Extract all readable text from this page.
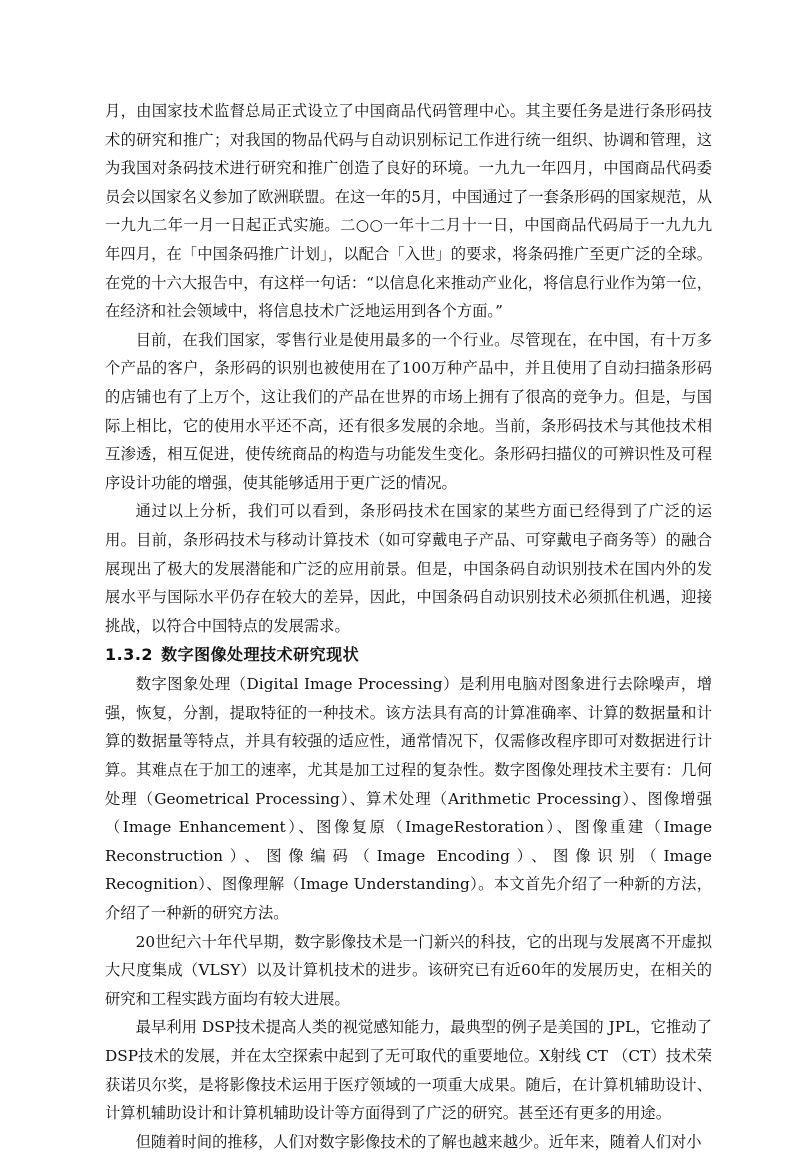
月，由国家技术监督总局正式设立了中国商品代码管理中心。其主要任务是进行条形码技术的研究和推广；对我国的物品代码与自动识别标记工作进行统一组织、协调和管理，这为我国对条码技术进行研究和推广创造了良好的环境。一九九一年四月，中国商品代码委员会以国家名义参加了欧洲联盟。在这一年的5月，中国通过了一套条形码的国家规范，从一九九二年一月一日起正式实施。二○○一年十二月十一日，中国商品代码局于一九九九年四月，在「中国条码推广计划」，以配合「入世」的要求，将条码推广至更广泛的全球。在党的十六大报告中，有这样一句话：“以信息化来推动产业化，将信息行业作为第一位，在经济和社会领域中，将信息技术广泛地运用到各个方面。”

目前，在我们国家，零售行业是使用最多的一个行业。尽管现在，在中国，有十万多个产品的客户，条形码的识别也被使用在了100万种产品中，并且使用了自动扫描条形码的店铺也有了上万个，这让我们的产品在世界的市场上拥有了很高的竞争力。但是，与国际上相比，它的使用水平还不高，还有很多发展的余地。当前，条形码技术与其他技术相互渗透，相互促进，使传统商品的构造与功能发生变化。条形码扫描仪的可辨识性及可程序设计功能的增强，使其能够适用于更广泛的情况。

通过以上分析，我们可以看到，条形码技术在国家的某些方面已经得到了广泛的运用。目前，条形码技术与移动计算技术（如可穿戴电子产品、可穿戴电子商务等）的融合展现出了极大的发展潜能和广泛的应用前景。但是，中国条码自动识别技术在国内外的发展水平与国际水平仍存在较大的差异，因此，中国条码自动识别技术必须抓住机遇，迎接挑战，以符合中国特点的发展需求。

1.3.2 数字图像处理技术研究现状

数字图象处理（Digital Image Processing）是利用电脑对图象进行去除噪声，增强，恢复，分割，提取特征的一种技术。该方法具有高的计算准确率、计算的数据量和计算的数据量等特点，并具有较强的适应性，通常情况下，仅需修改程序即可对数据进行计算。其难点在于加工的速率，尤其是加工过程的复杂性。数字图像处理技术主要有：几何处理（Geometrical Processing）、算术处理（Arithmetic Processing）、图像增强（Image Enhancement）、图像复原（ImageRestoration）、图像重建（Image Reconstruction）、图像编码（Image Encoding）、图像识别（Image Recognition）、图像理解（Image Understanding）。本文首先介绍了一种新的方法，介绍了一种新的研究方法。

20世纪六十年代早期，数字影像技术是一门新兴的科技，它的出现与发展离不开虚拟大尺度集成（VLSY）以及计算机技术的进步。该研究已有近60年的发展历史，在相关的研究和工程实践方面均有较大进展。

最早利用 DSP技术提高人类的视觉感知能力，最典型的例子是美国的 JPL，它推动了 DSP技术的发展，并在太空探索中起到了无可取代的重要地位。X射线 CT （CT）技术荣获诺贝尔奖，是将影像技术运用于医疗领域的一项重大成果。随后，在计算机辅助设计、计算机辅助设计和计算机辅助设计等方面得到了广泛的研究。甚至还有更多的用途。

但随着时间的推移，人们对数字影像技术的了解也越来越少。近年来，随着人们对小
